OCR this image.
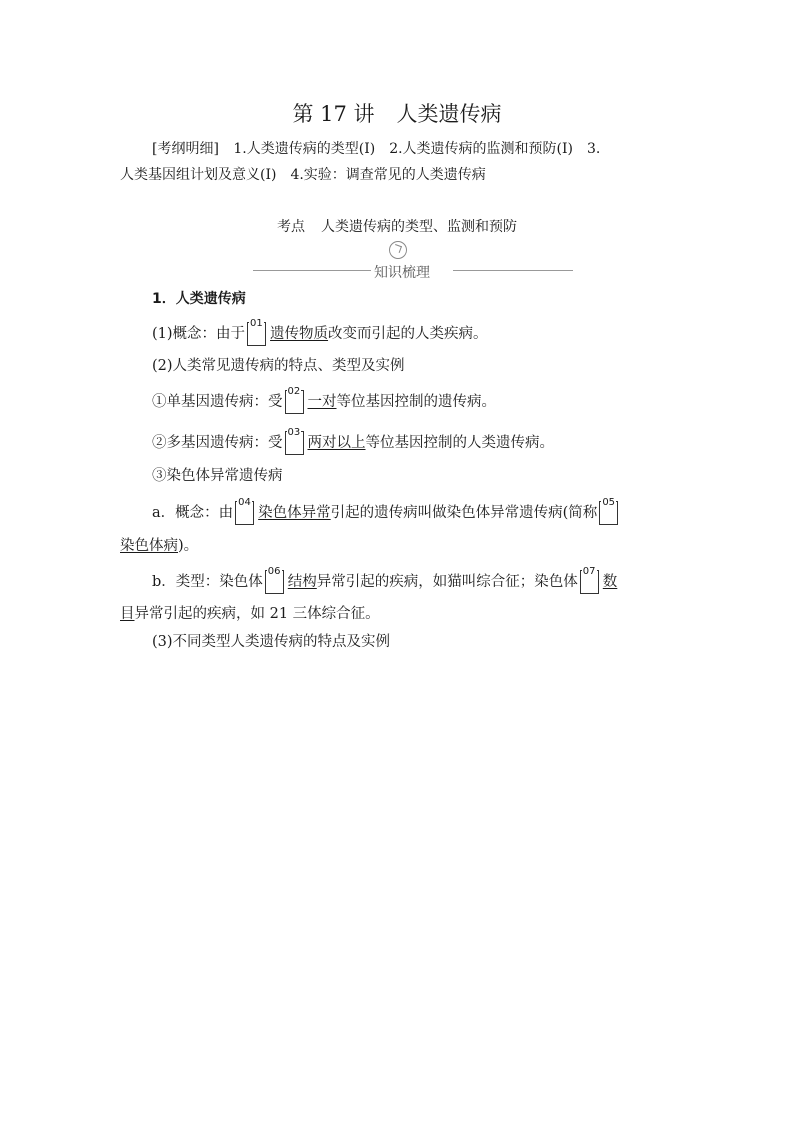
第 17 讲 人类遗传病
[考纲明细] 1.人类遗传病的类型(Ⅰ)　2.人类遗传病的监测和预防(Ⅰ)　3.
人类基因组计划及意义(Ⅰ)　4.实验：调查常见的人类遗传病
考点 人类遗传病的类型、监测和预防
知识梳理
1．人类遗传病
(1)概念：由于
01
遗传物质改变而引起的人类疾病。
(2)人类常见遗传病的特点、类型及实例
①单基因遗传病：受
02
一对等位基因控制的遗传病。
②多基因遗传病：受
03
两对以上等位基因控制的人类遗传病。
③染色体异常遗传病
a．概念：由
04
染色体异常引起的遗传病叫做染色体异常遗传病(简称
05
染色体病)。
b．类型：染色体
06
结构异常引起的疾病，如猫叫综合征；染色体
07
数
目异常引起的疾病，如 21 三体综合征。
(3)不同类型人类遗传病的特点及实例
